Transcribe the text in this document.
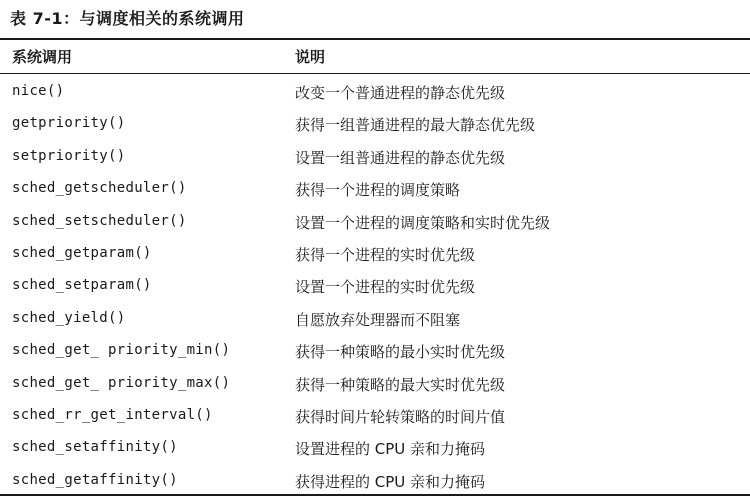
表 7-1：与调度相关的系统调用
系统调用	说明
nice()	改变一个普通进程的静态优先级
getpriority()	获得一组普通进程的最大静态优先级
setpriority()	设置一组普通进程的静态优先级
sched_getscheduler()	获得一个进程的调度策略
sched_setscheduler()	设置一个进程的调度策略和实时优先级
sched_getparam()	获得一个进程的实时优先级
sched_setparam()	设置一个进程的实时优先级
sched_yield()	自愿放弃处理器而不阻塞
sched_get_ priority_min()	获得一种策略的最小实时优先级
sched_get_ priority_max()	获得一种策略的最大实时优先级
sched_rr_get_interval()	获得时间片轮转策略的时间片值
sched_setaffinity()	设置进程的 CPU 亲和力掩码
sched_getaffinity()	获得进程的 CPU 亲和力掩码
